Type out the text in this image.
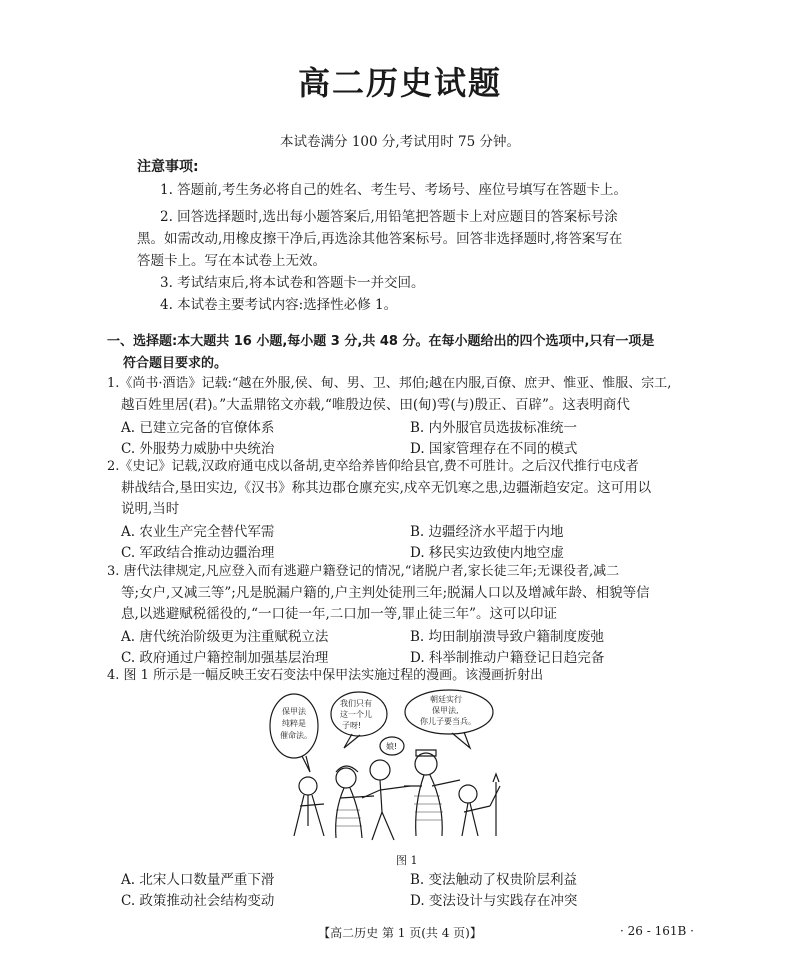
高二历史试题
本试卷满分 100 分,考试用时 75 分钟。
注意事项:
1. 答题前,考生务必将自己的姓名、考生号、考场号、座位号填写在答题卡上。
2. 回答选择题时,选出每小题答案后,用铅笔把答题卡上对应题目的答案标号涂
黑。如需改动,用橡皮擦干净后,再选涂其他答案标号。回答非选择题时,将答案写在
答题卡上。写在本试卷上无效。
3. 考试结束后,将本试卷和答题卡一并交回。
4. 本试卷主要考试内容:选择性必修 1。
一、选择题:本大题共 16 小题,每小题 3 分,共 48 分。在每小题给出的四个选项中,只有一项是
符合题目要求的。
1.《尚书·酒诰》记载:“越在外服,侯、甸、男、卫、邦伯;越在内服,百僚、庶尹、惟亚、惟服、宗工,
越百姓里居(君)。”大盂鼎铭文亦载,“唯殷边侯、田(甸)雩(与)殷正、百辟”。这表明商代
A. 已建立完备的官僚体系	B. 内外服官员选拔标准统一
C. 外服势力威胁中央统治	D. 国家管理存在不同的模式
2.《史记》记载,汉政府通屯戍以备胡,吏卒给养皆仰给县官,费不可胜计。之后汉代推行屯戍者
耕战结合,垦田实边,《汉书》称其边郡仓廪充实,戍卒无饥寒之患,边疆渐趋安定。这可用以
说明,当时
A. 农业生产完全替代军需	B. 边疆经济水平超于内地
C. 军政结合推动边疆治理	D. 移民实边致使内地空虚
3. 唐代法律规定,凡应登入而有逃避户籍登记的情况,“诸脱户者,家长徒三年;无课役者,减二
等;女户,又减三等”;凡是脱漏户籍的,户主判处徒刑三年;脱漏人口以及增减年龄、相貌等信
息,以逃避赋税徭役的,“一口徒一年,二口加一等,罪止徒三年”。这可以印证
A. 唐代统治阶级更为注重赋税立法	B. 均田制崩溃导致户籍制度废弛
C. 政府通过户籍控制加强基层治理	D. 科举制推动户籍登记日趋完备
4. 图 1 所示是一幅反映王安石变法中保甲法实施过程的漫画。该漫画折射出
保甲法
纯粹是
催命法。
我们只有
这一个儿
子呀!
朝廷实行
保甲法,
你儿子要当兵。
娘!
图 1
A. 北宋人口数量严重下滑	B. 变法触动了权贵阶层利益
C. 政策推动社会结构变动	D. 变法设计与实践存在冲突
【高二历史 第 1 页(共 4 页)】	· 26 - 161B ·
